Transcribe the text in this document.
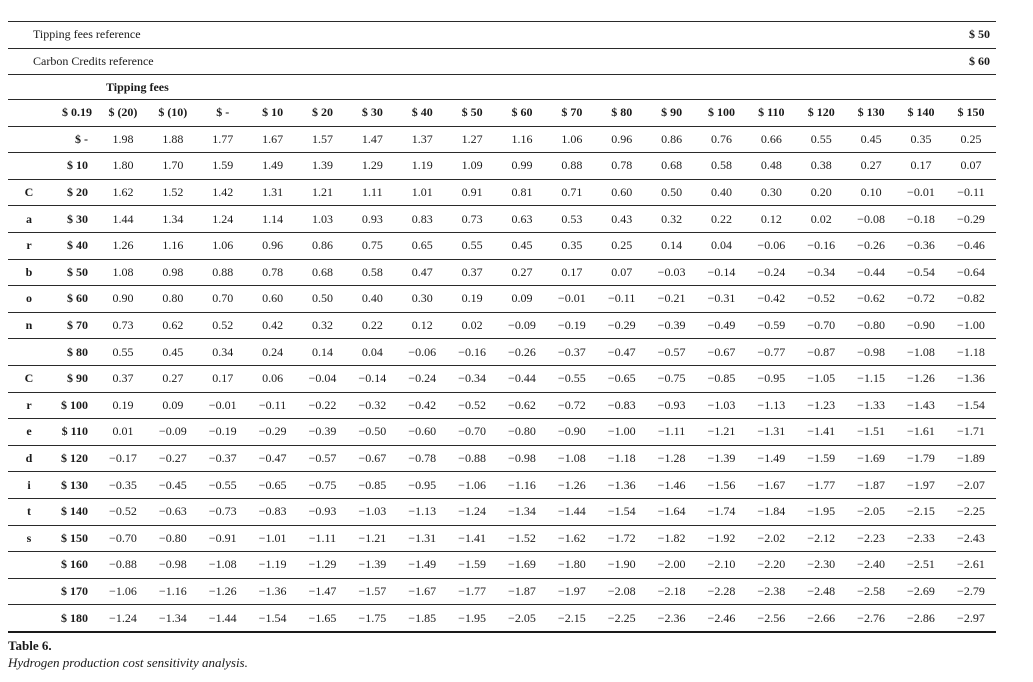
Tipping fees reference																		$ 50	
Carbon Credits reference																		$ 60	
Tipping fees																			
	$ 0.19	$ (20)	$ (10)	$ -	$ 10	$ 20	$ 30	$ 40	$ 50	$ 60	$ 70	$ 80	$ 90	$ 100	$ 110	$ 120	$ 130	$ 140	$ 150
	$ -	1.98	1.88	1.77	1.67	1.57	1.47	1.37	1.27	1.16	1.06	0.96	0.86	0.76	0.66	0.55	0.45	0.35	0.25
	$ 10	1.80	1.70	1.59	1.49	1.39	1.29	1.19	1.09	0.99	0.88	0.78	0.68	0.58	0.48	0.38	0.27	0.17	0.07
C	$ 20	1.62	1.52	1.42	1.31	1.21	1.11	1.01	0.91	0.81	0.71	0.60	0.50	0.40	0.30	0.20	0.10	−0.01	−0.11
a	$ 30	1.44	1.34	1.24	1.14	1.03	0.93	0.83	0.73	0.63	0.53	0.43	0.32	0.22	0.12	0.02	−0.08	−0.18	−0.29
r	$ 40	1.26	1.16	1.06	0.96	0.86	0.75	0.65	0.55	0.45	0.35	0.25	0.14	0.04	−0.06	−0.16	−0.26	−0.36	−0.46
b	$ 50	1.08	0.98	0.88	0.78	0.68	0.58	0.47	0.37	0.27	0.17	0.07	−0.03	−0.14	−0.24	−0.34	−0.44	−0.54	−0.64
o	$ 60	0.90	0.80	0.70	0.60	0.50	0.40	0.30	0.19	0.09	−0.01	−0.11	−0.21	−0.31	−0.42	−0.52	−0.62	−0.72	−0.82
n	$ 70	0.73	0.62	0.52	0.42	0.32	0.22	0.12	0.02	−0.09	−0.19	−0.29	−0.39	−0.49	−0.59	−0.70	−0.80	−0.90	−1.00
	$ 80	0.55	0.45	0.34	0.24	0.14	0.04	−0.06	−0.16	−0.26	−0.37	−0.47	−0.57	−0.67	−0.77	−0.87	−0.98	−1.08	−1.18
C	$ 90	0.37	0.27	0.17	0.06	−0.04	−0.14	−0.24	−0.34	−0.44	−0.55	−0.65	−0.75	−0.85	−0.95	−1.05	−1.15	−1.26	−1.36
r	$ 100	0.19	0.09	−0.01	−0.11	−0.22	−0.32	−0.42	−0.52	−0.62	−0.72	−0.83	−0.93	−1.03	−1.13	−1.23	−1.33	−1.43	−1.54
e	$ 110	0.01	−0.09	−0.19	−0.29	−0.39	−0.50	−0.60	−0.70	−0.80	−0.90	−1.00	−1.11	−1.21	−1.31	−1.41	−1.51	−1.61	−1.71
d	$ 120	−0.17	−0.27	−0.37	−0.47	−0.57	−0.67	−0.78	−0.88	−0.98	−1.08	−1.18	−1.28	−1.39	−1.49	−1.59	−1.69	−1.79	−1.89
i	$ 130	−0.35	−0.45	−0.55	−0.65	−0.75	−0.85	−0.95	−1.06	−1.16	−1.26	−1.36	−1.46	−1.56	−1.67	−1.77	−1.87	−1.97	−2.07
t	$ 140	−0.52	−0.63	−0.73	−0.83	−0.93	−1.03	−1.13	−1.24	−1.34	−1.44	−1.54	−1.64	−1.74	−1.84	−1.95	−2.05	−2.15	−2.25
s	$ 150	−0.70	−0.80	−0.91	−1.01	−1.11	−1.21	−1.31	−1.41	−1.52	−1.62	−1.72	−1.82	−1.92	−2.02	−2.12	−2.23	−2.33	−2.43
	$ 160	−0.88	−0.98	−1.08	−1.19	−1.29	−1.39	−1.49	−1.59	−1.69	−1.80	−1.90	−2.00	−2.10	−2.20	−2.30	−2.40	−2.51	−2.61
	$ 170	−1.06	−1.16	−1.26	−1.36	−1.47	−1.57	−1.67	−1.77	−1.87	−1.97	−2.08	−2.18	−2.28	−2.38	−2.48	−2.58	−2.69	−2.79
	$ 180	−1.24	−1.34	−1.44	−1.54	−1.65	−1.75	−1.85	−1.95	−2.05	−2.15	−2.25	−2.36	−2.46	−2.56	−2.66	−2.76	−2.86	−2.97
Table 6.
Hydrogen production cost sensitivity analysis.
